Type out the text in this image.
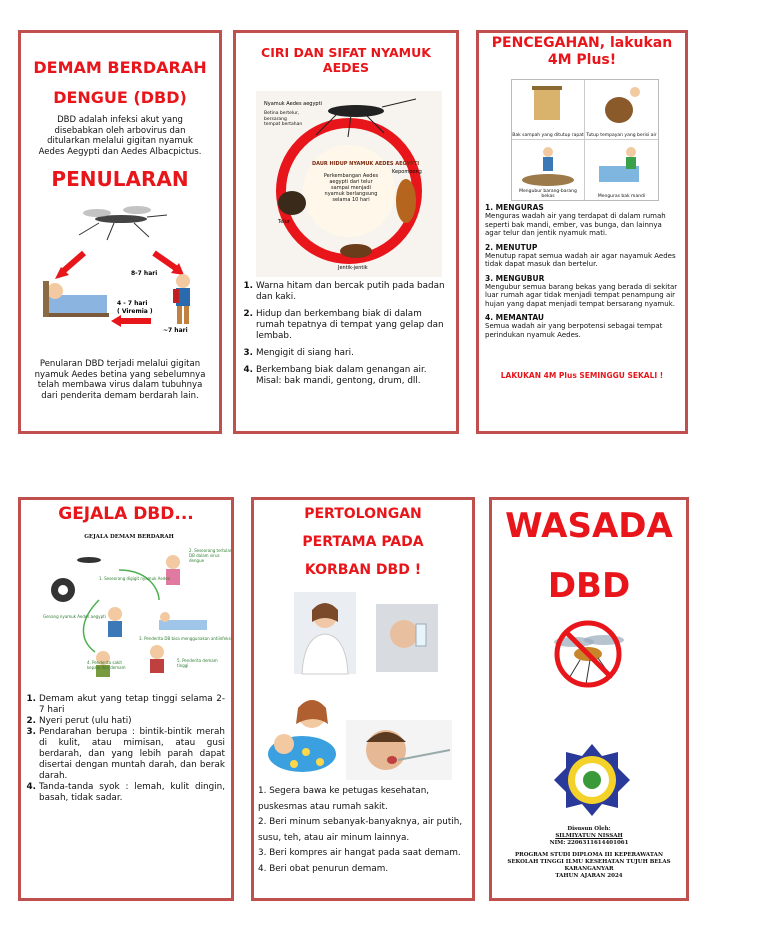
DEMAM BERDARAH DENGUE (DBD)
DBD adalah infeksi akut yang disebabkan oleh arbovirus dan ditularkan melalui gigitan nyamuk Aedes Aegypti dan Aedes Albacpictus.
PENULARAN
8-7 hari
4 - 7 hari
( Viremia )
~7 hari
Penularan DBD terjadi melalui gigitan nyamuk Aedes betina yang sebelumnya telah membawa virus dalam tubuhnya dari penderita demam berdarah lain.
CIRI DAN SIFAT NYAMUK AEDES
Nyamuk Aedes aegypti
DAUR HIDUP NYAMUK AEDES AEGYPTI
Telur
Kepompong
Jentik-jentik
Perkembangan Aedes aegypti dari telur sampai menjadi nyamuk berlangsung selama 10 hari
Betina bertelur, bersarang tempat bertahan
1. Warna hitam dan bercak putih pada badan dan kaki.
2. Hidup dan berkembang biak di dalam rumah tepatnya di tempat yang gelap dan lembab.
3. Mengigit di siang hari.
4. Berkembang biak dalam genangan air. Misal: bak mandi, gentong, drum, dll.
PENCEGAHAN, lakukan 4M Plus!
Bak sampah yang ditutup rapat Tutup tempayan yang berisi air
Mengubur barang-barang bekas	Menguras bak mandi

1. MENGURAS

Menguras wadah air yang terdapat di dalam rumah seperti bak mandi, ember, vas bunga, dan lainnya agar telur dan jentik nyamuk mati.

2. MENUTUP

Menutup rapat semua wadah air agar nayamuk Aedes tidak dapat masuk dan bertelur.

3. MENGUBUR

Mengubur semua barang bekas yang berada di sekitar luar rumah agar tidak menjadi tempat penampung air hujan yang dapat menjadi tempat bersarang nyamuk.

4. MEMANTAU

Semua wadah air yang berpotensi sebagai tempat perindukan nyamuk Aedes.

LAKUKAN 4M Plus SEMINGGU SEKALI !
GEJALA DBD...
GEJALA DEMAM BERDARAH
1. Seseorang digigit nyamuk Aedes
Genang nyamuk Aedes aegypti
3. Penderita DB bisa menggunakan antiinfeksi
2. Seseorang tertular DB dalam virus dengue
4. Penderita sakit kepala dan demam
5. Penderita demam tinggi
1. Demam akut yang tetap tinggi selama 2-7 hari
2. Nyeri perut (ulu hati)
3. Pendarahan berupa : bintik-bintik merah di kulit, atau mimisan, atau gusi berdarah, dan yang lebih parah dapat disertai dengan muntah darah, dan berak darah.
4. Tanda-tanda syok : lemah, kulit dingin, basah, tidak sadar.
PERTOLONGAN PERTAMA PADA KORBAN DBD !
1. Segera bawa ke petugas kesehatan, puskesmas atau rumah sakit.
2. Beri minum sebanyak-banyaknya, air putih, susu, teh, atau air minum lainnya.
3. Beri kompres air hangat pada saat demam.
4. Beri obat penurun demam.
WASADA
DBD
Disusun Oleh:
SILMIYATUN NISSAH
NIM: 2206311614401061
PROGRAM STUDI DIPLOMA III KEPERAWATAN
SEKOLAH TINGGI ILMU KESEHATAN TUJUH BELAS
KARANGANYAR
TAHUN AJARAN 2024
